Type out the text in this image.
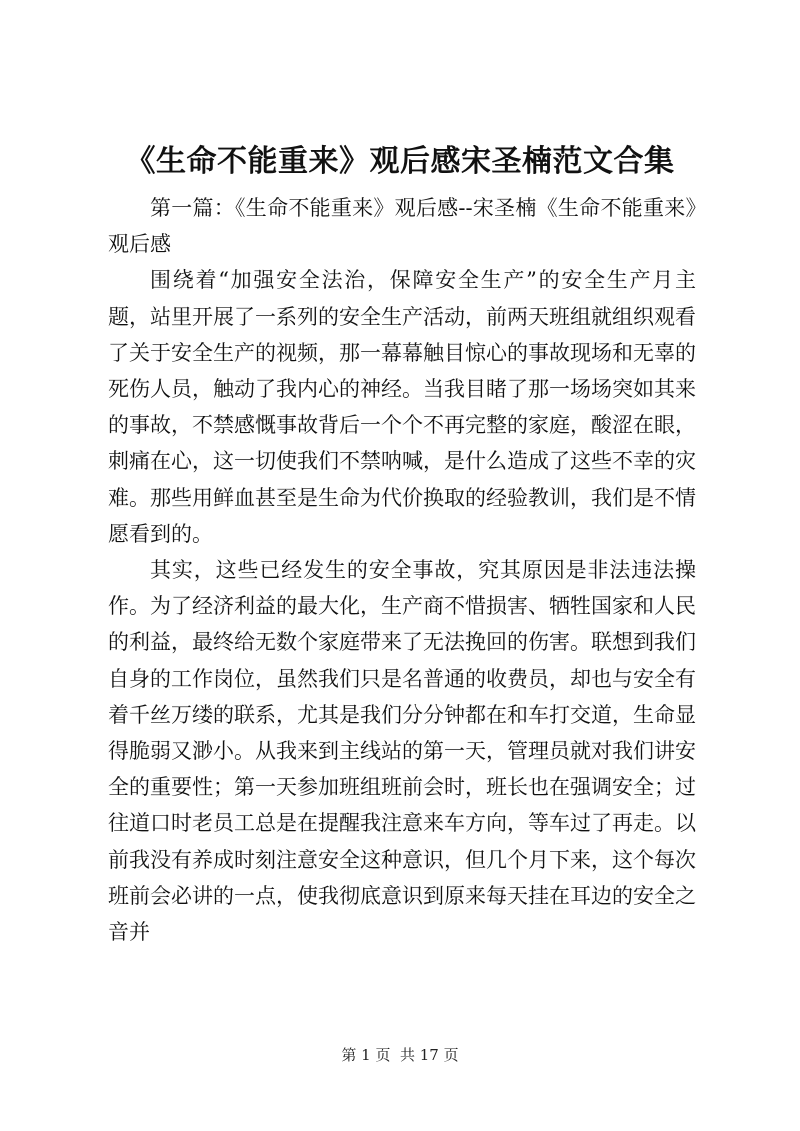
《生命不能重来》观后感宋圣楠范文合集

第一篇：《生命不能重来》观后感--宋圣楠《生命不能重来》观后感

围绕着“加强安全法治，保障安全生产”的安全生产月主题，站里开展了一系列的安全生产活动，前两天班组就组织观看了关于安全生产的视频，那一幕幕触目惊心的事故现场和无辜的死伤人员，触动了我内心的神经。当我目睹了那一场场突如其来的事故，不禁感慨事故背后一个个不再完整的家庭，酸涩在眼，刺痛在心，这一切使我们不禁呐喊，是什么造成了这些不幸的灾难。那些用鲜血甚至是生命为代价换取的经验教训，我们是不情愿看到的。

其实，这些已经发生的安全事故，究其原因是非法违法操作。为了经济利益的最大化，生产商不惜损害、牺牲国家和人民的利益，最终给无数个家庭带来了无法挽回的伤害。联想到我们自身的工作岗位，虽然我们只是名普通的收费员，却也与安全有着千丝万缕的联系，尤其是我们分分钟都在和车打交道，生命显得脆弱又渺小。从我来到主线站的第一天，管理员就对我们讲安全的重要性；第一天参加班组班前会时，班长也在强调安全；过往道口时老员工总是在提醒我注意来车方向，等车过了再走。以前我没有养成时刻注意安全这种意识，但几个月下来，这个每次班前会必讲的一点，使我彻底意识到原来每天挂在耳边的安全之音并

第 1 页  共 17 页
